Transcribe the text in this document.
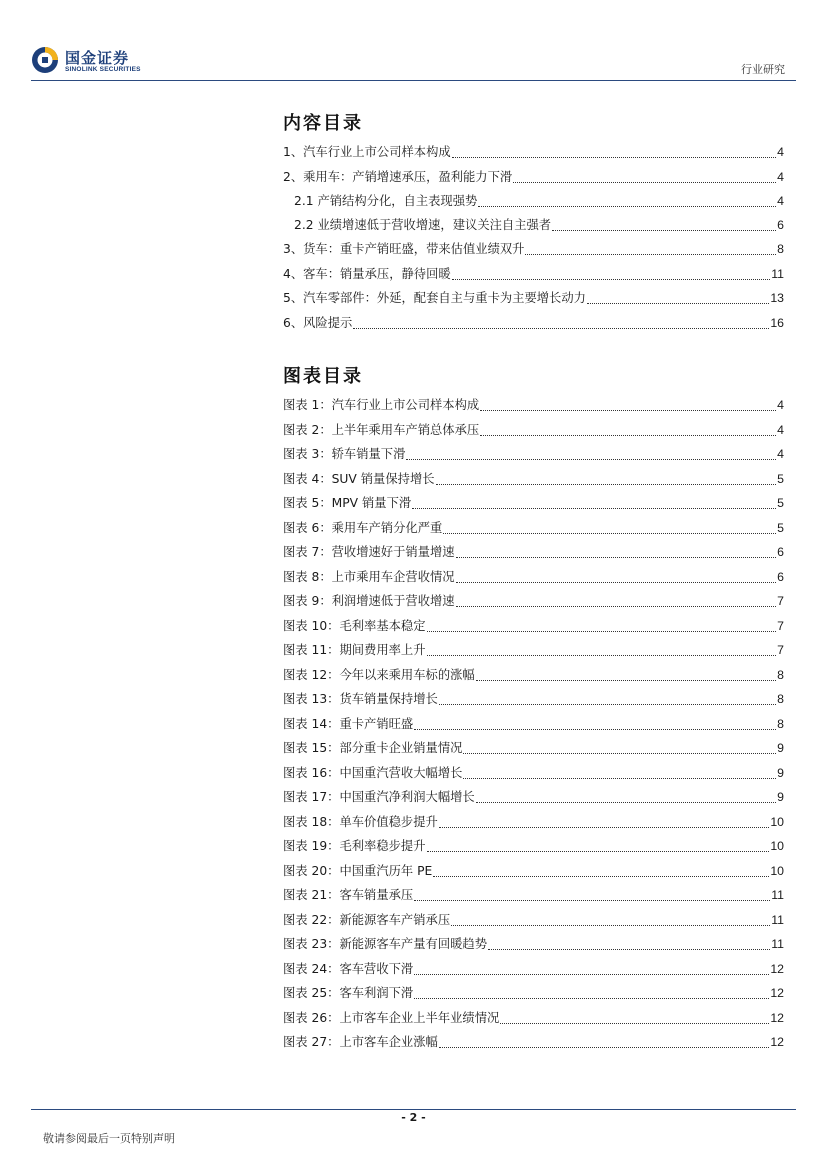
国金证券
SINOLINK SECURITIES	行业研究
内容目录
1、汽车行业上市公司样本构成	4
2、乘用车：产销增速承压，盈利能力下滑	4
2.1 产销结构分化，自主表现强势	4
2.2 业绩增速低于营收增速，建议关注自主强者	6
3、货车：重卡产销旺盛，带来估值业绩双升	8
4、客车：销量承压，静待回暖	11
5、汽车零部件：外延，配套自主与重卡为主要增长动力	13
6、风险提示	16
图表目录
图表 1：汽车行业上市公司样本构成	4
图表 2：上半年乘用车产销总体承压	4
图表 3：轿车销量下滑	4
图表 4：SUV 销量保持增长	5
图表 5：MPV 销量下滑	5
图表 6：乘用车产销分化严重	5
图表 7：营收增速好于销量增速	6
图表 8：上市乘用车企营收情况	6
图表 9：利润增速低于营收增速	7
图表 10：毛利率基本稳定	7
图表 11：期间费用率上升	7
图表 12：今年以来乘用车标的涨幅	8
图表 13：货车销量保持增长	8
图表 14：重卡产销旺盛	8
图表 15：部分重卡企业销量情况	9
图表 16：中国重汽营收大幅增长	9
图表 17：中国重汽净利润大幅增长	9
图表 18：单车价值稳步提升	10
图表 19：毛利率稳步提升	10
图表 20：中国重汽历年 PE	10
图表 21：客车销量承压	11
图表 22：新能源客车产销承压	11
图表 23：新能源客车产量有回暖趋势	11
图表 24：客车营收下滑	12
图表 25：客车利润下滑	12
图表 26：上市客车企业上半年业绩情况	12
图表 27：上市客车企业涨幅	12
- 2 -
敬请参阅最后一页特别声明
